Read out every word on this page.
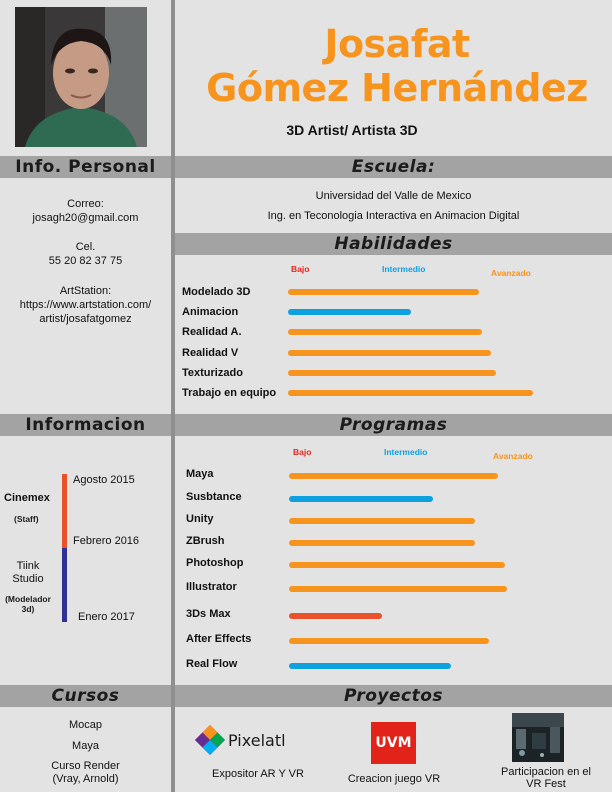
Josafat
Gómez Hernández
3D Artist/ Artista 3D
Info. Personal
Correo:
josagh20@gmail.com
Cel.
55 20 82 37 75
ArtStation:
https://www.artstation.com/
artist/josafatgomez
Escuela:
Universidad del Valle de Mexico
Ing. en Teconologia Interactiva en Animacion Digital
Habilidades
Bajo	Intermedio	Avanzado
Modelado 3D
Animacion
Realidad A.
Realidad V
Texturizado
Trabajo en equipo
Informacion
Agosto 2015
Febrero 2016
Enero 2017
Cinemex
(Staff)
Tiink
Studio
(Modelador
3d)
Programas
Bajo	Intermedio	Avanzado
Maya
Susbtance
Unity
ZBrush
Photoshop
Illustrator
3Ds Max
After Effects
Real Flow
Cursos
Mocap
Maya
Curso Render
(Vray, Arnold)
Proyectos
Pixelatl
Expositor AR Y VR
UVM
Creacion juego VR
Participacion en el
VR Fest
